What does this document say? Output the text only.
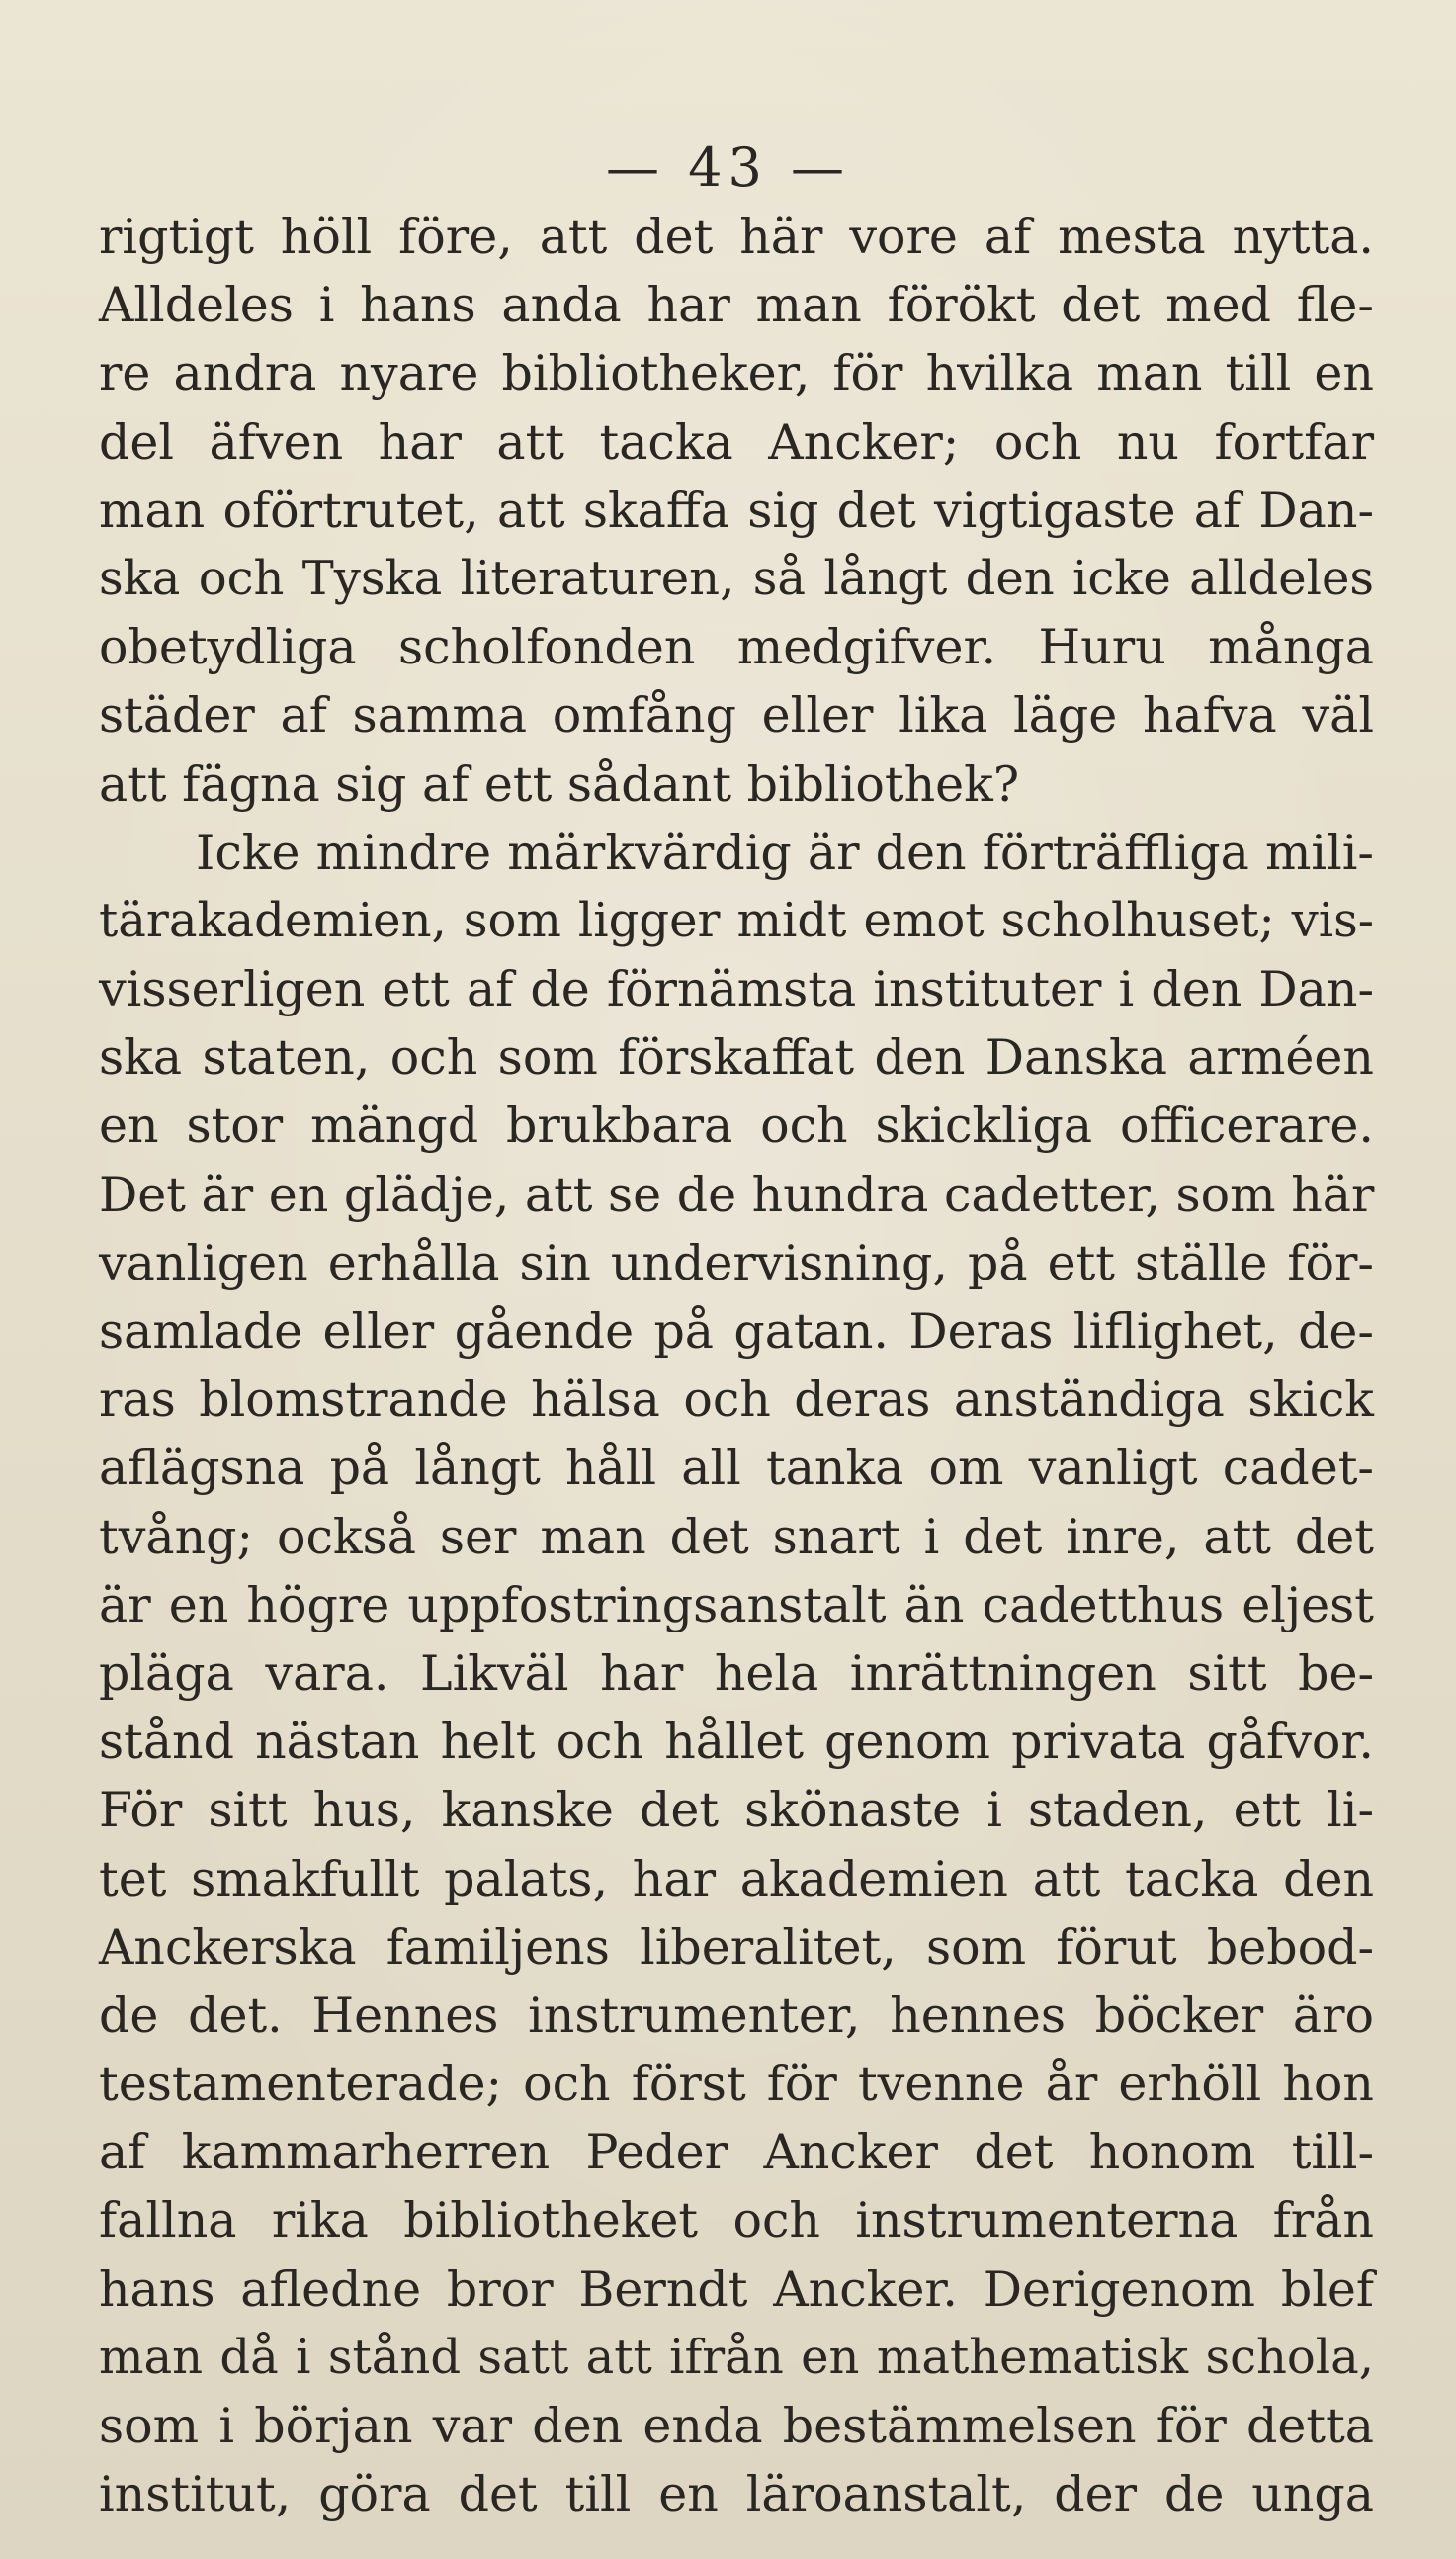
— 43 —
rigtigt höll före, att det här vore af mesta nytta.
Alldeles i hans anda har man förökt det med fle-
re andra nyare bibliotheker, för hvilka man till en
del äfven har att tacka Ancker; och nu fortfar
man oförtrutet, att skaffa sig det vigtigaste af Dan-
ska och Tyska literaturen, så långt den icke alldeles
obetydliga scholfonden medgifver. Huru många
städer af samma omfång eller lika läge hafva väl
att fägna sig af ett sådant bibliothek?
Icke mindre märkvärdig är den förträffliga mili-
tärakademien, som ligger midt emot scholhuset; vis-
visserligen ett af de förnämsta instituter i den Dan-
ska staten, och som förskaffat den Danska arméen
en stor mängd brukbara och skickliga officerare.
Det är en glädje, att se de hundra cadetter, som här
vanligen erhålla sin undervisning, på ett ställe för-
samlade eller gående på gatan. Deras liflighet, de-
ras blomstrande hälsa och deras anständiga skick
aflägsna på långt håll all tanka om vanligt cadet-
tvång; också ser man det snart i det inre, att det
är en högre uppfostringsanstalt än cadetthus eljest
pläga vara. Likväl har hela inrättningen sitt be-
stånd nästan helt och hållet genom privata gåfvor.
För sitt hus, kanske det skönaste i staden, ett li-
tet smakfullt palats, har akademien att tacka den
Anckerska familjens liberalitet, som förut bebod-
de det. Hennes instrumenter, hennes böcker äro
testamenterade; och först för tvenne år erhöll hon
af kammarherren Peder Ancker det honom till-
fallna rika bibliotheket och instrumenterna från
hans afledne bror Berndt Ancker. Derigenom blef
man då i stånd satt att ifrån en mathematisk schola,
som i början var den enda bestämmelsen för detta
institut, göra det till en läroanstalt, der de unga
